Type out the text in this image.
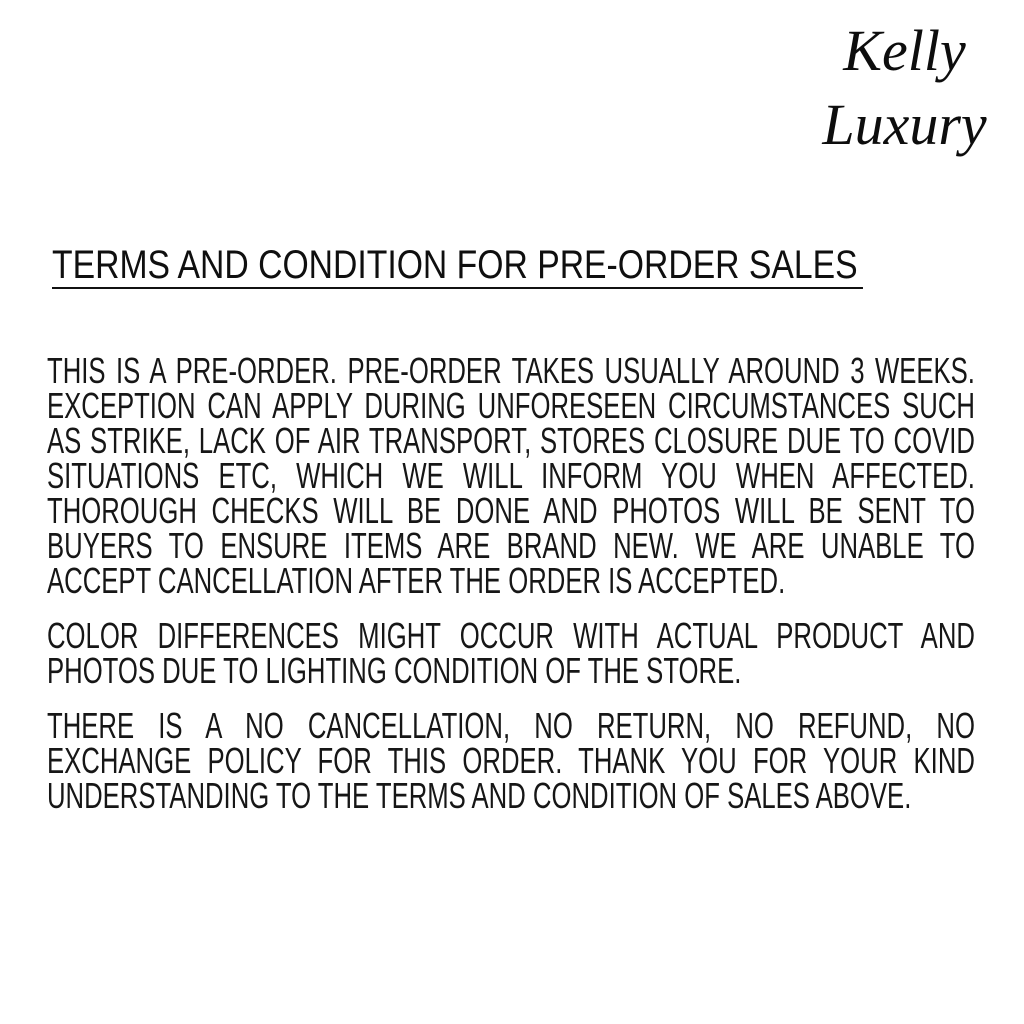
Kelly
Luxury
TERMS AND CONDITION FOR PRE-ORDER SALES
THIS IS A PRE-ORDER. PRE-ORDER TAKES USUALLY AROUND 3 WEEKS.
EXCEPTION CAN APPLY DURING UNFORESEEN CIRCUMSTANCES SUCH
AS STRIKE, LACK OF AIR TRANSPORT, STORES CLOSURE DUE TO COVID
SITUATIONS ETC, WHICH WE WILL INFORM YOU WHEN AFFECTED.
THOROUGH CHECKS WILL BE DONE AND PHOTOS WILL BE SENT TO
BUYERS TO ENSURE ITEMS ARE BRAND NEW. WE ARE UNABLE TO
ACCEPT CANCELLATION AFTER THE ORDER IS ACCEPTED.
COLOR DIFFERENCES MIGHT OCCUR WITH ACTUAL PRODUCT AND
PHOTOS DUE TO LIGHTING CONDITION OF THE STORE.
THERE IS A NO CANCELLATION, NO RETURN, NO REFUND, NO
EXCHANGE POLICY FOR THIS ORDER. THANK YOU FOR YOUR KIND
UNDERSTANDING TO THE TERMS AND CONDITION OF SALES ABOVE.
